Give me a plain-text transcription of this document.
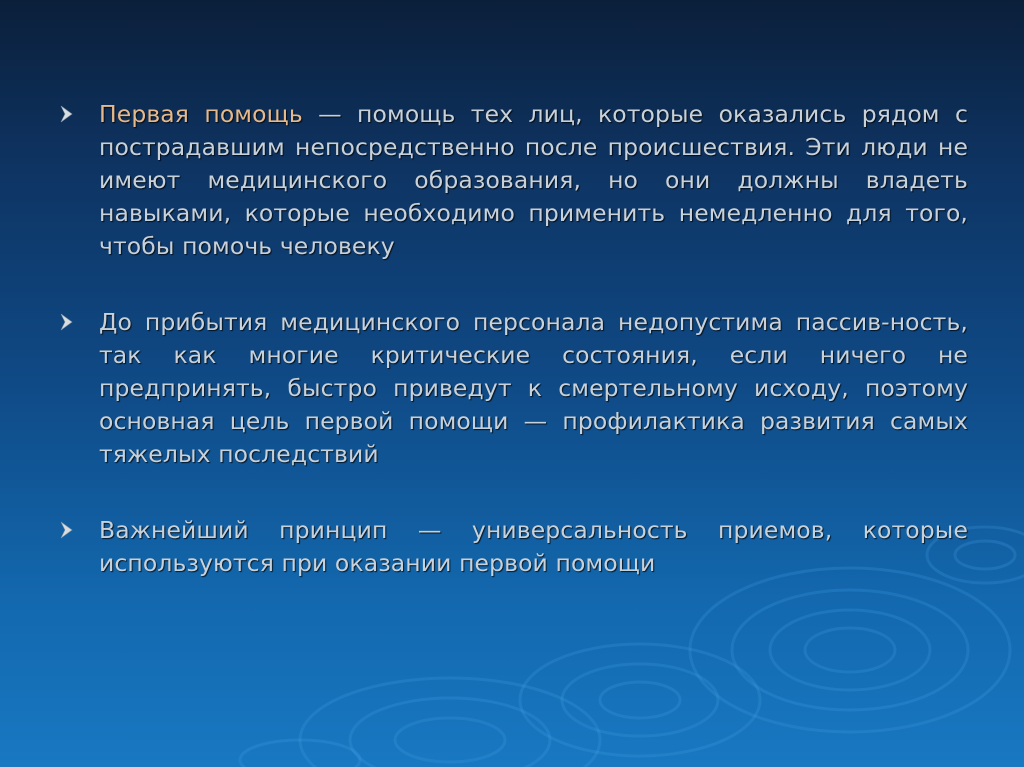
Первая помощь — помощь тех лиц, которые оказались рядом с пострадавшим непосредственно после происшествия. Эти люди не имеют медицинского образования, но они должны владеть навыками, которые необходимо применить немедленно для того, чтобы помочь человеку
До прибытия медицинского персонала недопустима пассив-ность, так как многие критические состояния, если ничего не предпринять, быстро приведут к смертельному исходу, поэтому основная цель первой помощи — профилактика развития самых тяжелых последствий
Важнейший принцип — универсальность приемов, которые используются при оказании первой помощи
